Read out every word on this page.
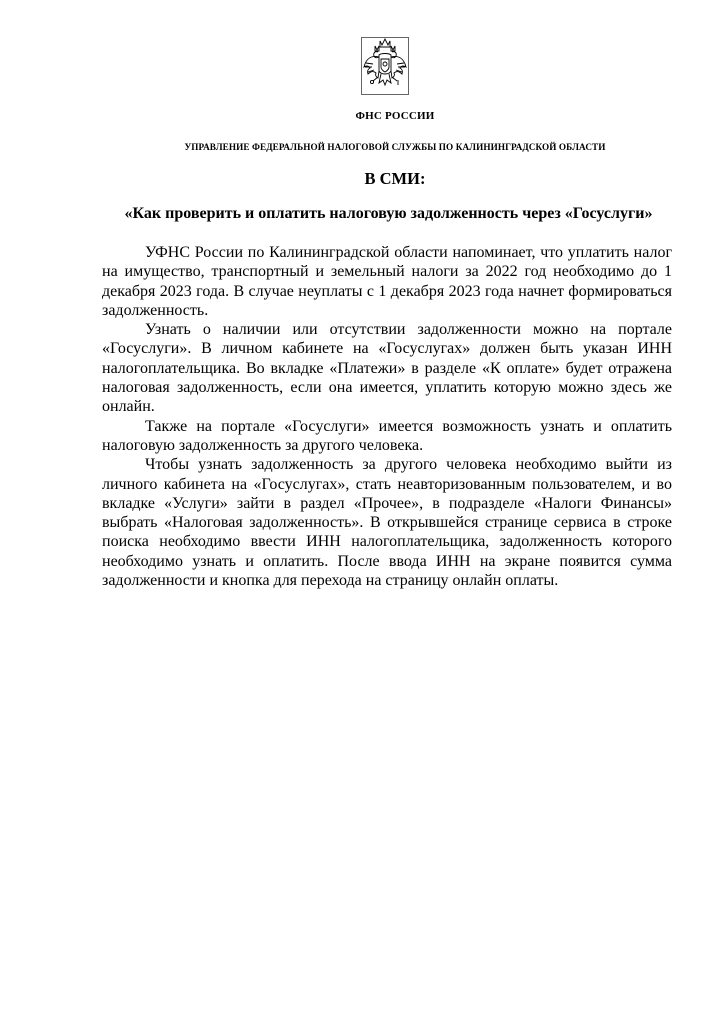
ФНС РОССИИ
УПРАВЛЕНИЕ ФЕДЕРАЛЬНОЙ НАЛОГОВОЙ СЛУЖБЫ ПО КАЛИНИНГРАДСКОЙ ОБЛАСТИ
В СМИ:
«Как проверить и оплатить налоговую задолженность через «Госуслуги»

УФНС России по Калининградской области напоминает, что уплатить налог на имущество, транспортный и земельный налоги за 2022 год необходимо до 1 декабря 2023 года. В случае неуплаты с 1 декабря 2023 года начнет формироваться задолженность.

Узнать о наличии или отсутствии задолженности можно на портале «Госуслуги». В личном кабинете на «Госуслугах» должен быть указан ИНН налогоплательщика. Во вкладке «Платежи» в разделе «К оплате» будет отражена налоговая задолженность, если она имеется, уплатить которую можно здесь же онлайн.

Также на портале «Госуслуги» имеется возможность узнать и оплатить налоговую задолженность за другого человека.

Чтобы узнать задолженность за другого человека необходимо выйти из личного кабинета на «Госуслугах», стать неавторизованным пользователем, и во вкладке «Услуги» зайти в раздел «Прочее», в подразделе «Налоги Финансы» выбрать «Налоговая задолженность». В открывшейся странице сервиса в строке поиска необходимо ввести ИНН налогоплательщика, задолженность которого необходимо узнать и оплатить. После ввода ИНН на экране появится сумма задолженности и кнопка для перехода на страницу онлайн оплаты.
